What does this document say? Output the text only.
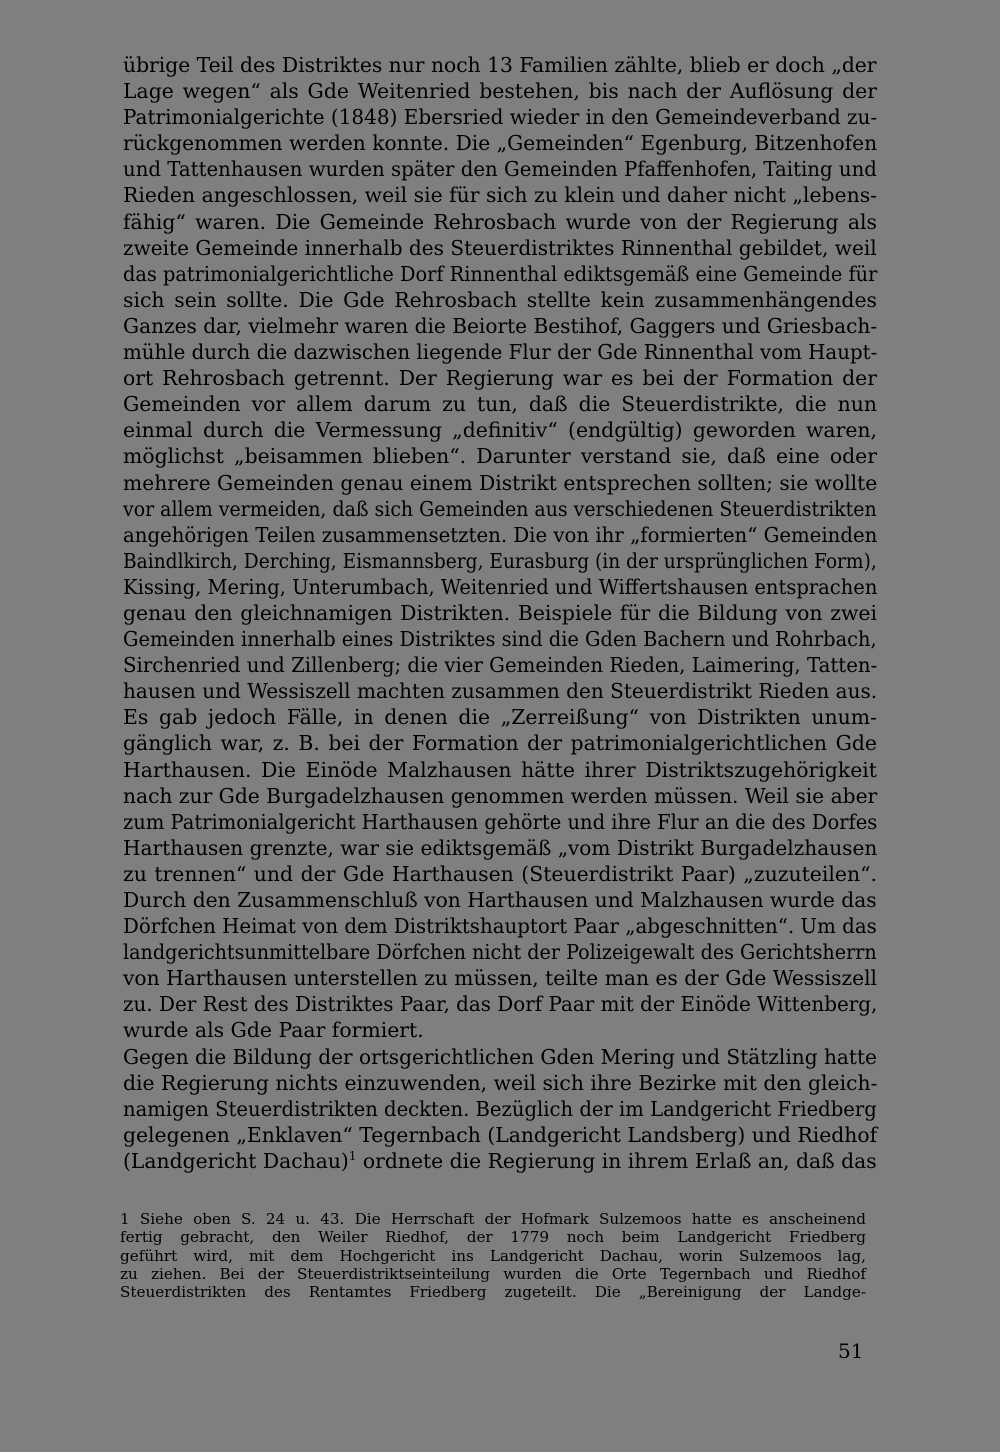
übrige Teil des Distriktes nur noch 13 Familien zählte, blieb er doch „der
Lage wegen“ als Gde Weitenried bestehen, bis nach der Auflösung der
Patrimonialgerichte (1848) Ebersried wieder in den Gemeindeverband zu-
rückgenommen werden konnte. Die „Gemeinden“ Egenburg, Bitzenhofen
und Tattenhausen wurden später den Gemeinden Pfaffenhofen, Taiting und
Rieden angeschlossen, weil sie für sich zu klein und daher nicht „lebens-
fähig“ waren. Die Gemeinde Rehrosbach wurde von der Regierung als
zweite Gemeinde innerhalb des Steuerdistriktes Rinnenthal gebildet, weil
das patrimonialgerichtliche Dorf Rinnenthal ediktsgemäß eine Gemeinde für
sich sein sollte. Die Gde Rehrosbach stellte kein zusammenhängendes
Ganzes dar, vielmehr waren die Beiorte Bestihof, Gaggers und Griesbach-
mühle durch die dazwischen liegende Flur der Gde Rinnenthal vom Haupt-
ort Rehrosbach getrennt. Der Regierung war es bei der Formation der
Gemeinden vor allem darum zu tun, daß die Steuerdistrikte, die nun
einmal durch die Vermessung „definitiv“ (endgültig) geworden waren,
möglichst „beisammen blieben“. Darunter verstand sie, daß eine oder
mehrere Gemeinden genau einem Distrikt entsprechen sollten; sie wollte
vor allem vermeiden, daß sich Gemeinden aus verschiedenen Steuerdistrikten
angehörigen Teilen zusammensetzten. Die von ihr „formierten“ Gemeinden
Baindlkirch, Derching, Eismannsberg, Eurasburg (in der ursprünglichen Form),
Kissing, Mering, Unterumbach, Weitenried und Wiffertshausen entsprachen
genau den gleichnamigen Distrikten. Beispiele für die Bildung von zwei
Gemeinden innerhalb eines Distriktes sind die Gden Bachern und Rohrbach,
Sirchenried und Zillenberg; die vier Gemeinden Rieden, Laimering, Tatten-
hausen und Wessiszell machten zusammen den Steuerdistrikt Rieden aus.
Es gab jedoch Fälle, in denen die „Zerreißung“ von Distrikten unum-
gänglich war, z. B. bei der Formation der patrimonialgerichtlichen Gde
Harthausen. Die Einöde Malzhausen hätte ihrer Distriktszugehörigkeit
nach zur Gde Burgadelzhausen genommen werden müssen. Weil sie aber
zum Patrimonialgericht Harthausen gehörte und ihre Flur an die des Dorfes
Harthausen grenzte, war sie ediktsgemäß „vom Distrikt Burgadelzhausen
zu trennen“ und der Gde Harthausen (Steuerdistrikt Paar) „zuzuteilen“.
Durch den Zusammenschluß von Harthausen und Malzhausen wurde das
Dörfchen Heimat von dem Distriktshauptort Paar „abgeschnitten“. Um das
landgerichtsunmittelbare Dörfchen nicht der Polizeigewalt des Gerichtsherrn
von Harthausen unterstellen zu müssen, teilte man es der Gde Wessiszell
zu. Der Rest des Distriktes Paar, das Dorf Paar mit der Einöde Wittenberg,
wurde als Gde Paar formiert.
Gegen die Bildung der ortsgerichtlichen Gden Mering und Stätzling hatte
die Regierung nichts einzuwenden, weil sich ihre Bezirke mit den gleich-
namigen Steuerdistrikten deckten. Bezüglich der im Landgericht Friedberg
gelegenen „Enklaven“ Tegernbach (Landgericht Landsberg) und Riedhof
(Landgericht Dachau)$^1$ ordnete die Regierung in ihrem Erlaß an, daß das
1 Siehe oben S. 24 u. 43. Die Herrschaft der Hofmark Sulzemoos hatte es anscheinend
fertig gebracht, den Weiler Riedhof, der 1779 noch beim Landgericht Friedberg
geführt wird, mit dem Hochgericht ins Landgericht Dachau, worin Sulzemoos lag,
zu ziehen. Bei der Steuerdistriktseinteilung wurden die Orte Tegernbach und Riedhof
Steuerdistrikten des Rentamtes Friedberg zugeteilt. Die „Bereinigung der Landge-
51
